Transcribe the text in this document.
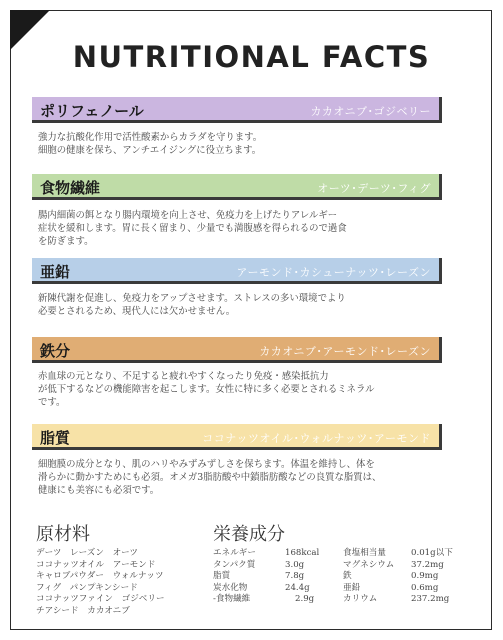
NUTRITIONAL FACTS
ポリフェノール	カカオニブ･ゴジベリー

強力な抗酸化作用で活性酸素からカラダを守ります。

細胞の健康を保ち、アンチエイジングに役立ちます。

食物繊維	オーツ･デーツ･フィグ

腸内細菌の餌となり腸内環境を向上させ、免疫力を上げたりアレルギー

症状を緩和します。胃に長く留まり、少量でも満腹感を得られるので過食

を防ぎます。

亜鉛	アーモンド･カシューナッツ･レーズン

新陳代謝を促進し、免疫力をアップさせます。ストレスの多い環境でより

必要とされるため、現代人には欠かせません。

鉄分	カカオニブ･アーモンド･レーズン

赤血球の元となり、不足すると疲れやすくなったり免疫・感染抵抗力

が低下するなどの機能障害を起こします。女性に特に多く必要とされるミネラル

です。

脂質	ココナッツオイル･ウォルナッツ･アーモンド

細胞膜の成分となり、肌のハリやみずみずしさを保ちます。体温を維持し、体を

滑らかに動かすためにも必須。オメガ3脂肪酸や中鎖脂肪酸などの良質な脂質は、

健康にも美容にも必須です。

原材料
デーツ　レーズン　オーツ
ココナッツオイル　アーモンド
キャロブパウダー　ウォルナッツ
フィグ　パンプキンシード
ココナッツファイン　ゴジベリー
チアシード　カカオニブ
栄養成分
エネルギー	168kcal	食塩相当量	0.01g以下
タンパク質	3.0g	マグネシウム	37.2mg
脂質	7.8g	鉄	0.9mg
炭水化物	24.4g	亜鉛	0.6mg
-食物繊維	2.9g	カリウム	237.2mg
